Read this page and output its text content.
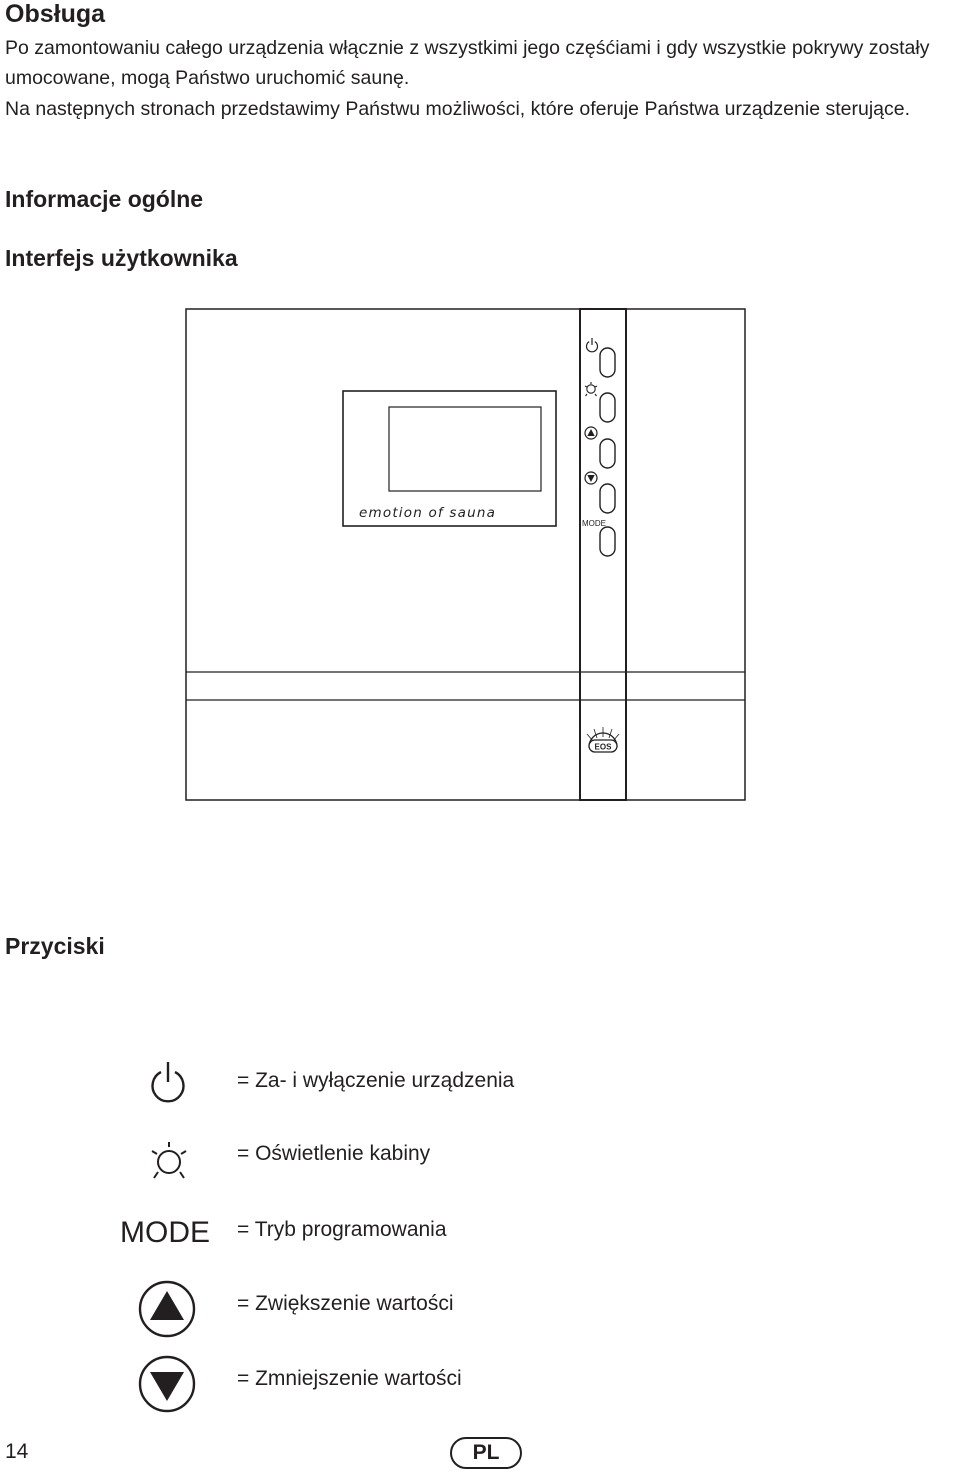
Obsługa
Po zamontowaniu całego urządzenia włącznie z wszystkimi jego częśćiami i gdy wszystkie pokrywy zostały umocowane, mogą Państwo uruchomić saunę.
Na następnych stronach przedstawimy Państwu możliwości, które oferuje Państwa urządzenie sterujące.
Informacje ogólne
Interfejs użytkownika
emotion of sauna
MODE
EOS
Przyciski
= Za- i wyłączenie urządzenia
= Oświetlenie kabiny
MODE = Tryb programowania
= Zwiększenie wartości
= Zmniejszenie wartości
14	PL
